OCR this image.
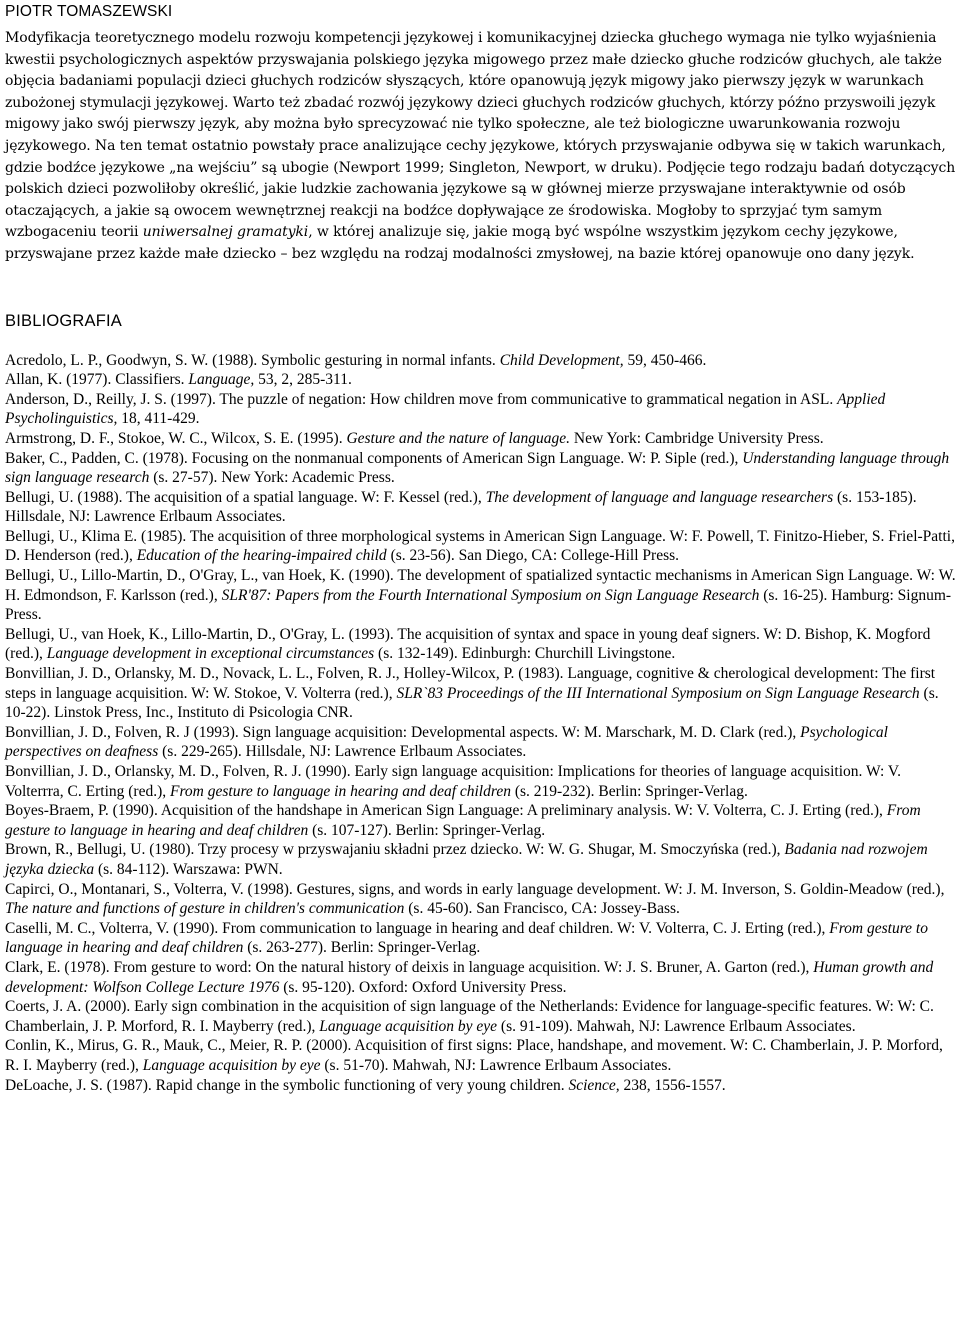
PIOTR TOMASZEWSKI

Modyfikacja teoretycznego modelu rozwoju kompetencji językowej i komunikacyjnej dziecka głuchego wymaga nie tylko wyjaśnienia kwestii psychologicznych aspektów przyswajania polskiego języka migowego przez małe dziecko głuche rodziców głuchych, ale także objęcia badaniami populacji dzieci głuchych rodziców słyszących, które opanowują język migowy jako pierwszy język w warunkach zubożonej stymulacji językowej. Warto też zbadać rozwój językowy dzieci głuchych rodziców głuchych, którzy późno przyswoili język migowy jako swój pierwszy język, aby można było sprecyzować nie tylko społeczne, ale też biologiczne uwarunkowania rozwoju językowego. Na ten temat ostatnio powstały prace analizujące cechy językowe, których przyswajanie odbywa się w takich warunkach, gdzie bodźce językowe „na wejściu” są ubogie (Newport 1999; Singleton, Newport, w druku). Podjęcie tego rodzaju badań dotyczących polskich dzieci pozwoliłoby określić, jakie ludzkie zachowania językowe są w głównej mierze przyswajane interaktywnie od osób otaczających, a jakie są owocem wewnętrznej reakcji na bodźce dopływające ze środowiska. Mogłoby to sprzyjać tym samym wzbogaceniu teorii uniwersalnej gramatyki, w której analizuje się, jakie mogą być wspólne wszystkim językom cechy językowe, przyswajane przez każde małe dziecko – bez względu na rodzaj modalności zmysłowej, na bazie której opanowuje ono dany język.

BIBLIOGRAFIA

Acredolo, L. P., Goodwyn, S. W. (1988). Symbolic gesturing in normal infants. Child Development, 59, 450-466.

Allan, K. (1977). Classifiers. Language, 53, 2, 285-311.

Anderson, D., Reilly, J. S. (1997). The puzzle of negation: How children move from communicative to grammatical negation in ASL. Applied Psycholinguistics, 18, 411-429.

Armstrong, D. F., Stokoe, W. C., Wilcox, S. E. (1995). Gesture and the nature of language. New York: Cambridge University Press.

Baker, C., Padden, C. (1978). Focusing on the nonmanual components of American Sign Language. W: P. Siple (red.), Understanding language through sign language research (s. 27-57). New York: Academic Press.

Bellugi, U. (1988). The acquisition of a spatial language. W: F. Kessel (red.), The development of language and language researchers (s. 153-185). Hillsdale, NJ: Lawrence Erlbaum Associates.

Bellugi, U., Klima E. (1985). The acquisition of three morphological systems in American Sign Language. W: F. Powell, T. Finitzo-Hieber, S. Friel-Patti, D. Henderson (red.), Education of the hearing-impaired child (s. 23-56). San Diego, CA: College-Hill Press.

Bellugi, U., Lillo-Martin, D., O'Gray, L., van Hoek, K. (1990). The development of spatialized syntactic mechanisms in American Sign Language. W: W. H. Edmondson, F. Karlsson (red.), SLR'87: Papers from the Fourth International Symposium on Sign Language Research (s. 16-25). Hamburg: Signum-Press.

Bellugi, U., van Hoek, K., Lillo-Martin, D., O'Gray, L. (1993). The acquisition of syntax and space in young deaf signers. W: D. Bishop, K. Mogford (red.), Language development in exceptional circumstances (s. 132-149). Edinburgh: Churchill Livingstone.

Bonvillian, J. D., Orlansky, M. D., Novack, L. L., Folven, R. J., Holley-Wilcox, P. (1983). Language, cognitive & cherological development: The first steps in language acquisition. W: W. Stokoe, V. Volterra (red.), SLR`83 Proceedings of the III International Symposium on Sign Language Research (s. 10-22). Linstok Press, Inc., Instituto di Psicologia CNR.

Bonvillian, J. D., Folven, R. J (1993). Sign language acquisition: Developmental aspects. W: M. Marschark, M. D. Clark (red.), Psychological perspectives on deafness (s. 229-265). Hillsdale, NJ: Lawrence Erlbaum Associates.

Bonvillian, J. D., Orlansky, M. D., Folven, R. J. (1990). Early sign language acquisition: Implications for theories of language acquisition. W: V. Volterrra, C. Erting (red.), From gesture to language in hearing and deaf children (s. 219-232). Berlin: Springer-Verlag.

Boyes-Braem, P. (1990). Acquisition of the handshape in American Sign Language: A preliminary analysis. W: V. Volterra, C. J. Erting (red.), From gesture to language in hearing and deaf children (s. 107-127). Berlin: Springer-Verlag.

Brown, R., Bellugi, U. (1980). Trzy procesy w przyswajaniu składni przez dziecko. W: W. G. Shugar, M. Smoczyńska (red.), Badania nad rozwojem języka dziecka (s. 84-112). Warszawa: PWN.

Capirci, O., Montanari, S., Volterra, V. (1998). Gestures, signs, and words in early language development. W: J. M. Inverson, S. Goldin-Meadow (red.), The nature and functions of gesture in children's communication (s. 45-60). San Francisco, CA: Jossey-Bass.

Caselli, M. C., Volterra, V. (1990). From communication to language in hearing and deaf children. W: V. Volterra, C. J. Erting (red.), From gesture to language in hearing and deaf children (s. 263-277). Berlin: Springer-Verlag.

Clark, E. (1978). From gesture to word: On the natural history of deixis in language acquisition. W: J. S. Bruner, A. Garton (red.), Human growth and development: Wolfson College Lecture 1976 (s. 95-120). Oxford: Oxford University Press.

Coerts, J. A. (2000). Early sign combination in the acquisition of sign language of the Netherlands: Evidence for language-specific features. W: W: C. Chamberlain, J. P. Morford, R. I. Mayberry (red.), Language acquisition by eye (s. 91-109). Mahwah, NJ: Lawrence Erlbaum Associates.

Conlin, K., Mirus, G. R., Mauk, C., Meier, R. P. (2000). Acquisition of first signs: Place, handshape, and movement. W: C. Chamberlain, J. P. Morford, R. I. Mayberry (red.), Language acquisition by eye (s. 51-70). Mahwah, NJ: Lawrence Erlbaum Associates.

DeLoache, J. S. (1987). Rapid change in the symbolic functioning of very young children. Science, 238, 1556-1557.
